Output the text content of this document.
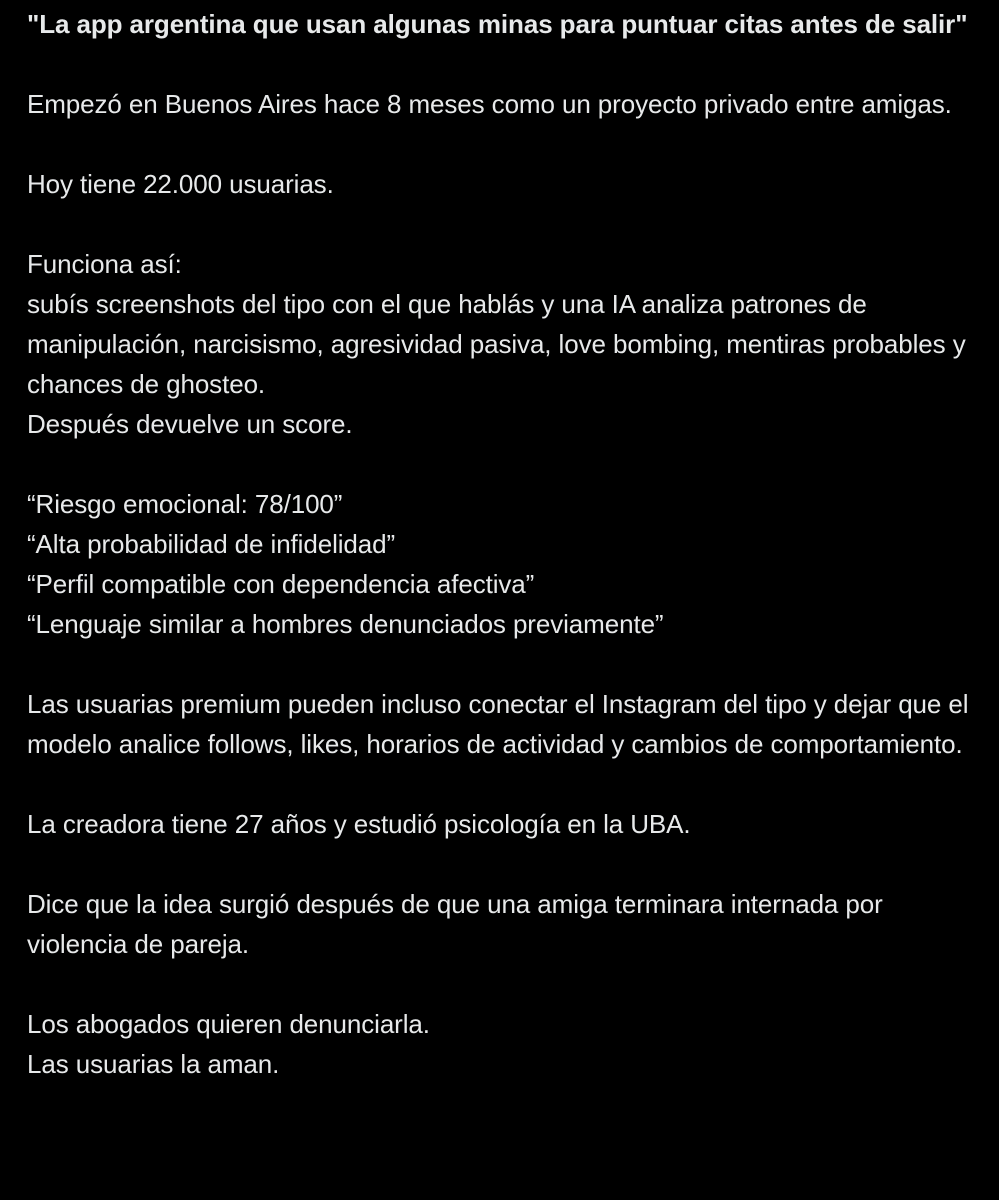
"La app argentina que usan algunas minas para puntuar citas antes de salir"

Empezó en Buenos Aires hace 8 meses como un proyecto privado entre amigas.
Hoy tiene 22.000 usuarias.
Funciona así:
subís screenshots del tipo con el que hablás y una IA analiza patrones de manipulación, narcisismo, agresividad pasiva, love bombing, mentiras probables y chances de ghosteo.
Después devuelve un score.
“Riesgo emocional: 78/100”
“Alta probabilidad de infidelidad”
“Perfil compatible con dependencia afectiva”
“Lenguaje similar a hombres denunciados previamente”
Las usuarias premium pueden incluso conectar el Instagram del tipo y dejar que el modelo analice follows, likes, horarios de actividad y cambios de comportamiento.
La creadora tiene 27 años y estudió psicología en la UBA.
Dice que la idea surgió después de que una amiga terminara internada por violencia de pareja.
Los abogados quieren denunciarla.
Las usuarias la aman.
